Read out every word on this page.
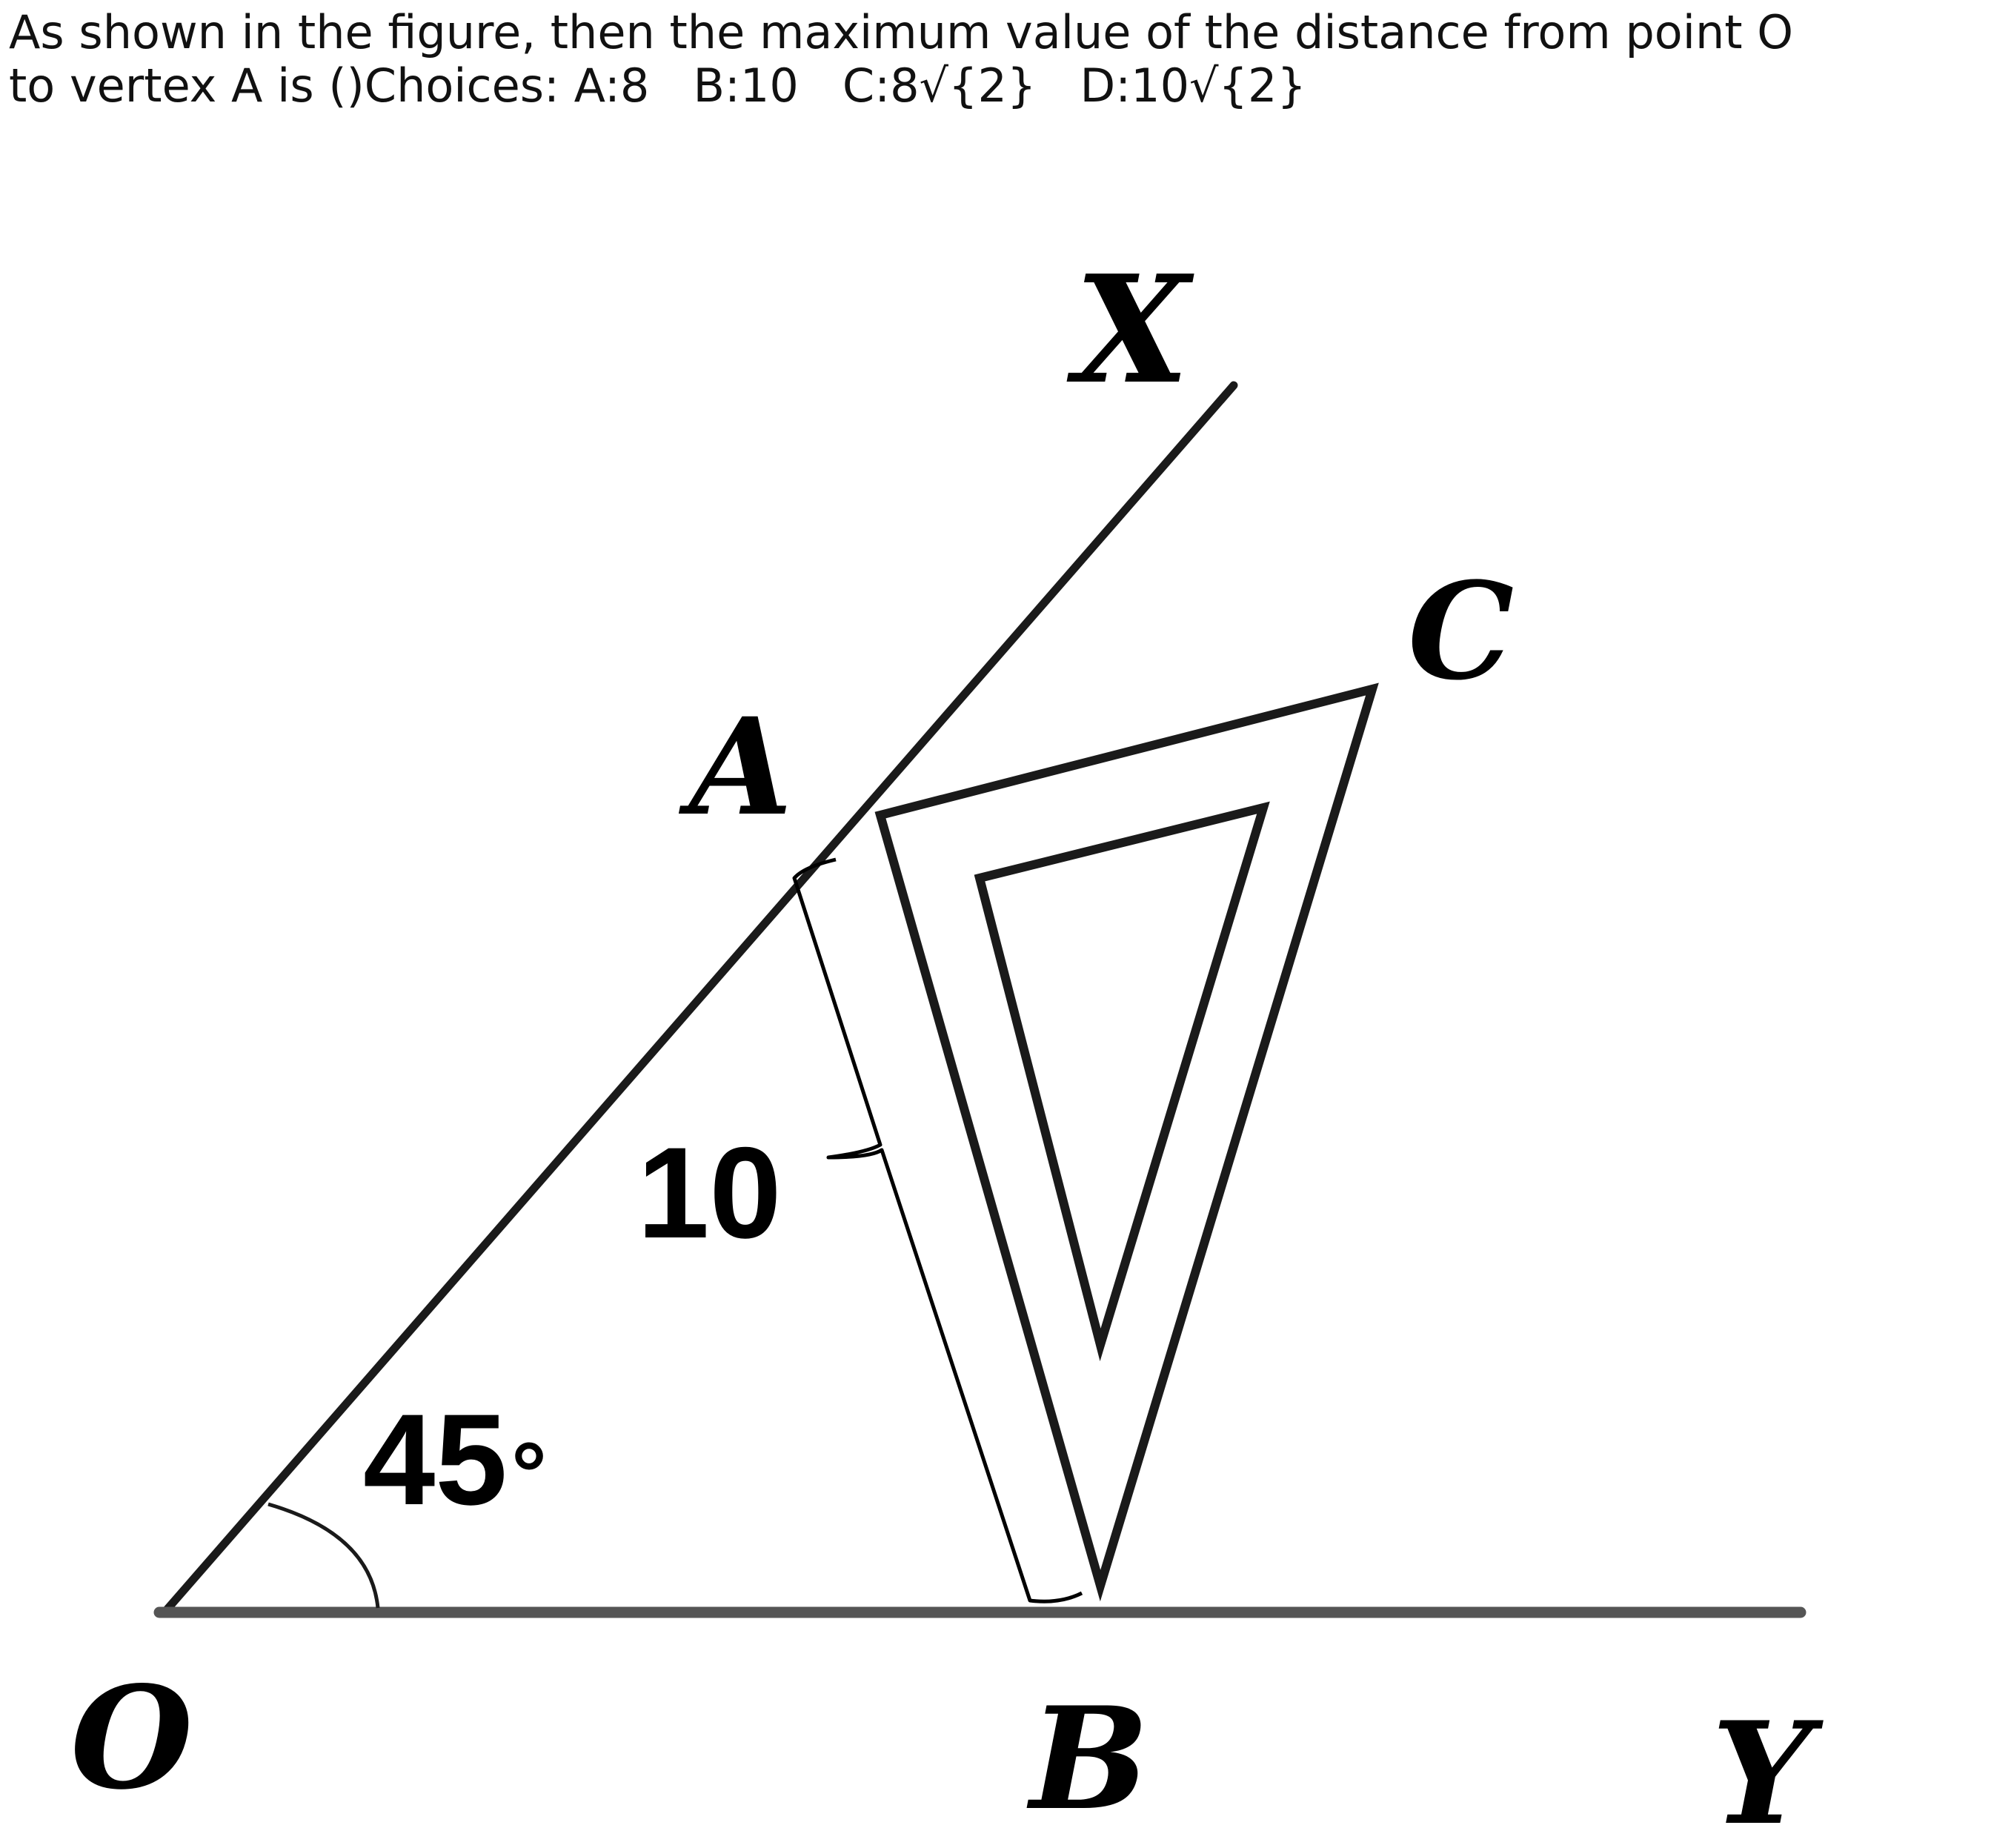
As shown in the figure, then the maximum value of the distance from point O
to vertex A is ()Choices: A:8 B:10 C:8√{2} D:10√{2}
X
C
A
O	B	Y
10
45 °
